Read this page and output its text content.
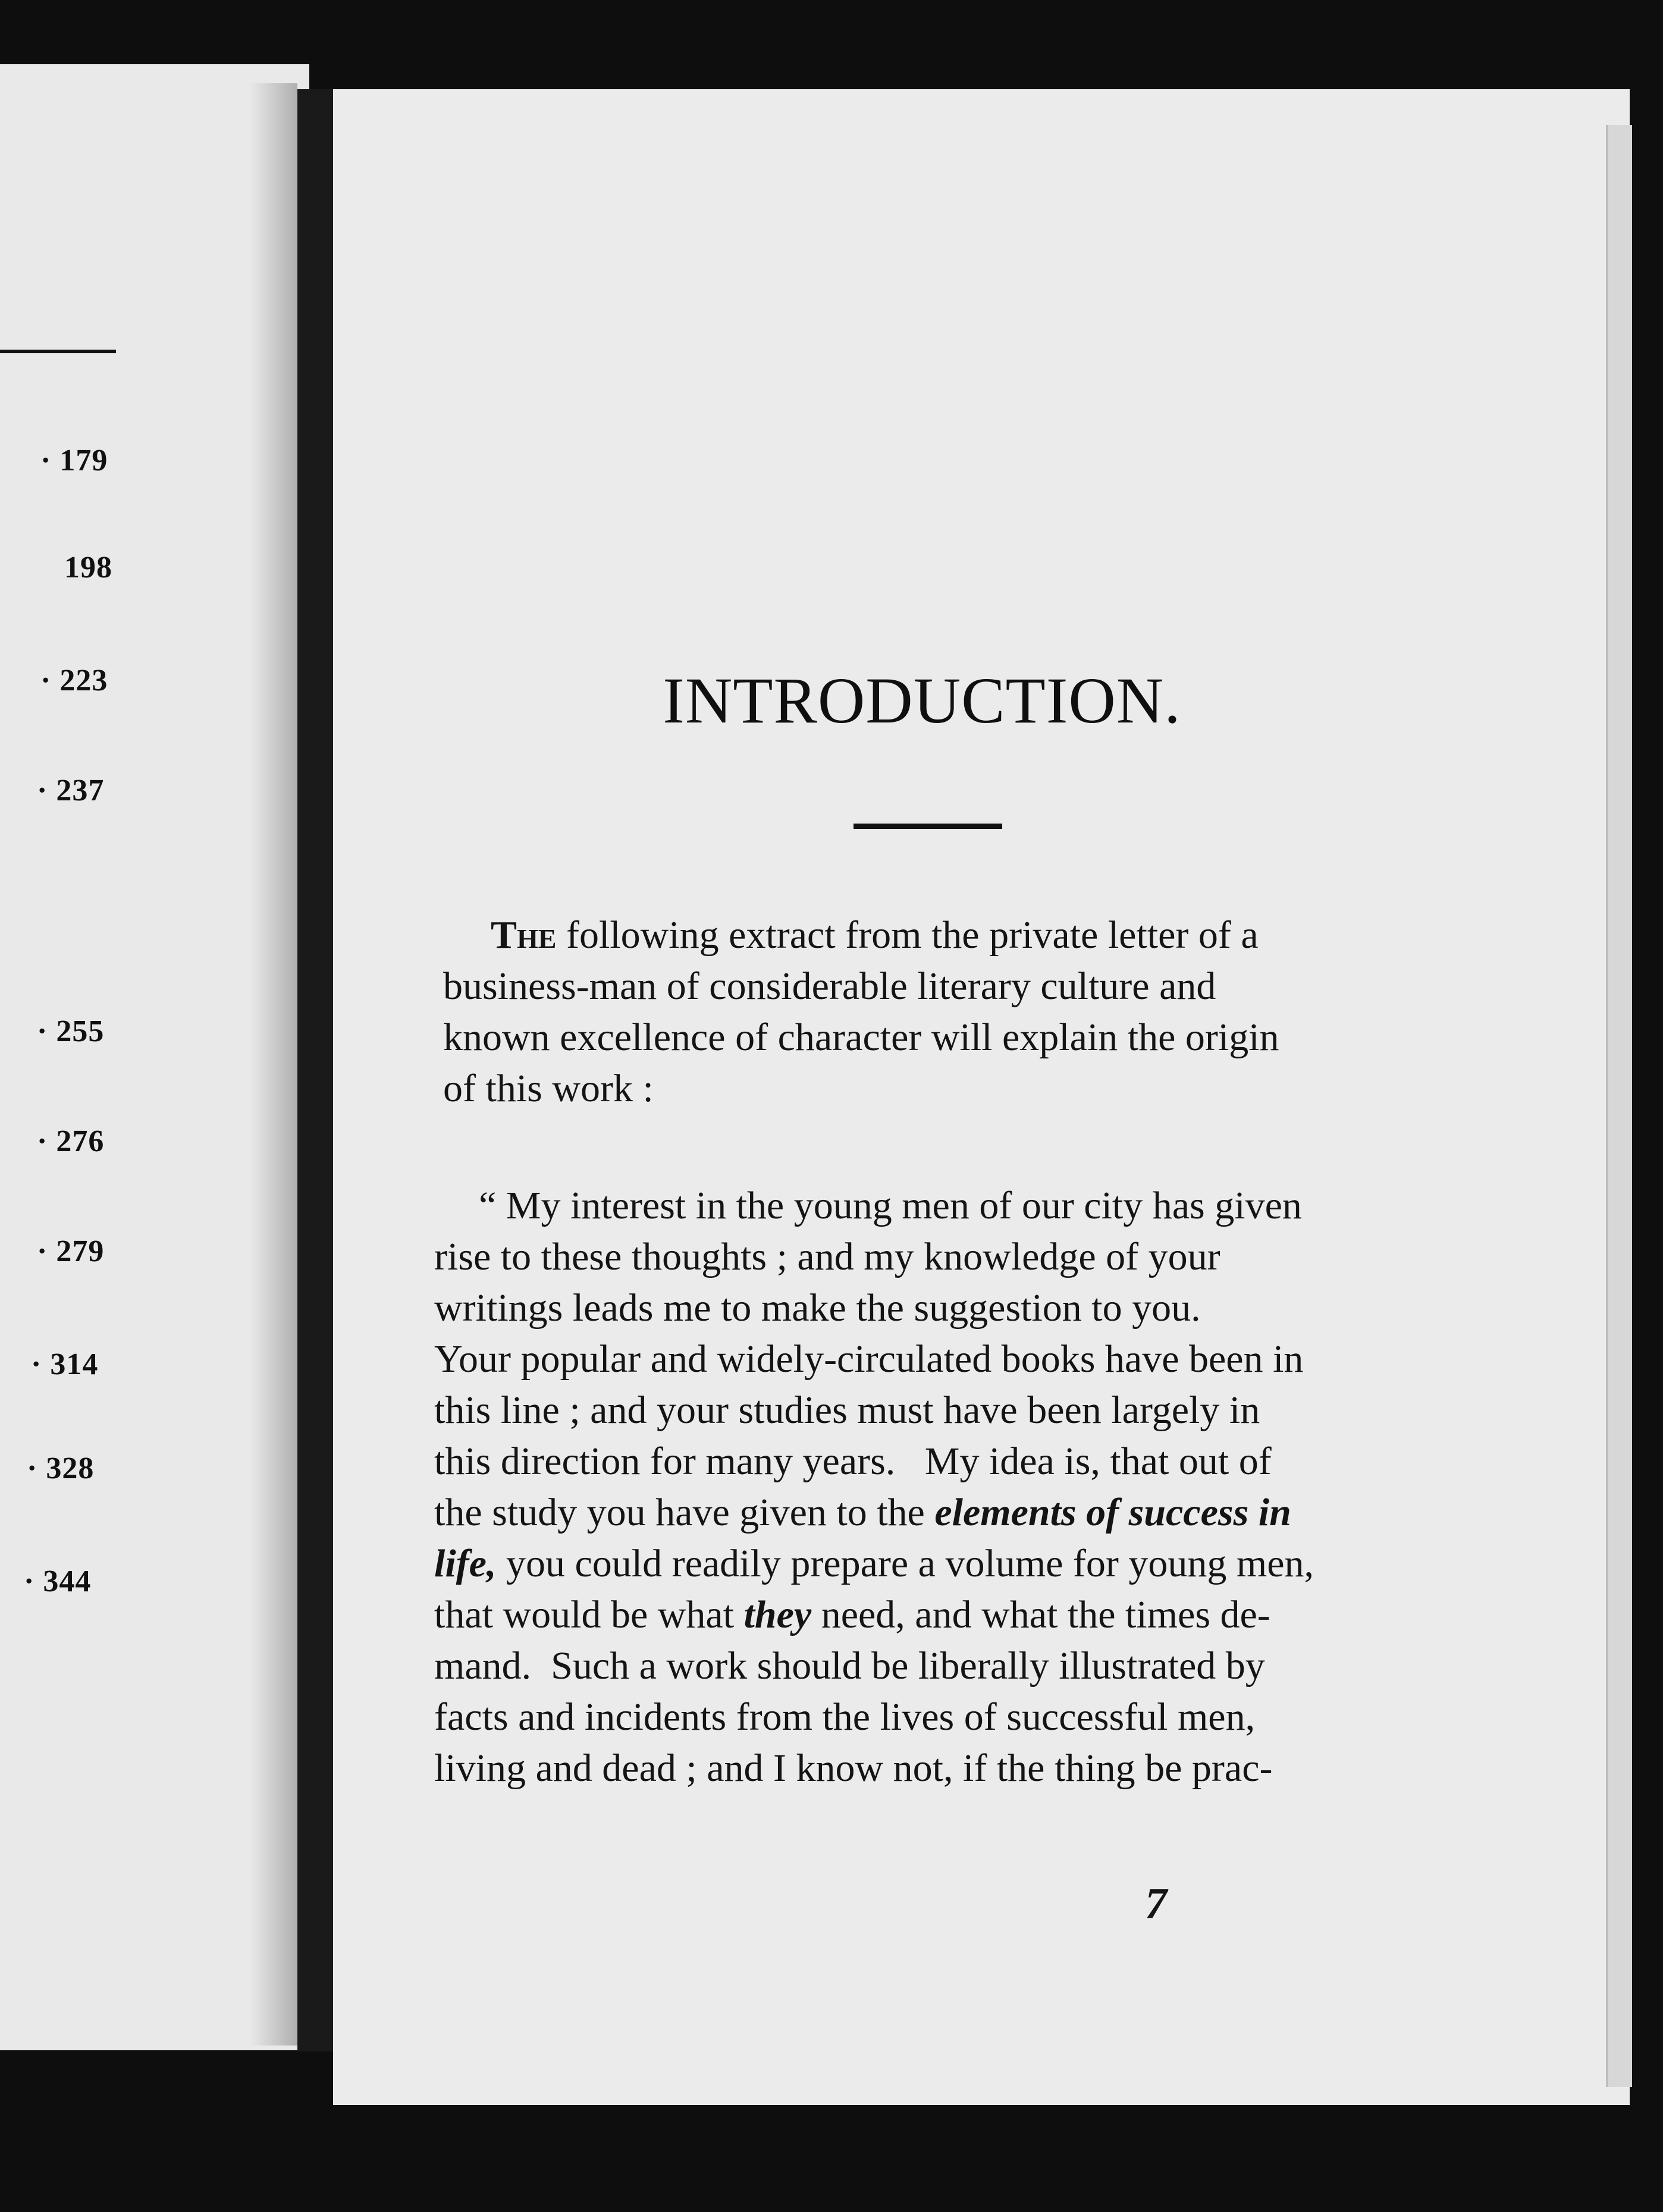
· 179
198
· 223
· 237
· 255
· 276
· 279
· 314
· 328
· 344
INTRODUCTION.
The following extract from the private letter of a
business-man of considerable literary culture and
known excellence of character will explain the origin
of this work :
“ My interest in the young men of our city has given
rise to these thoughts ; and my knowledge of your
writings leads me to make the suggestion to you.
Your popular and widely-circulated books have been in
this line ; and your studies must have been largely in
this direction for many years.   My idea is, that out of
the study you have given to the elements of success in
life, you could readily prepare a volume for young men,
that would be what they need, and what the times de-
mand.  Such a work should be liberally illustrated by
facts and incidents from the lives of successful men,
living and dead ; and I know not, if the thing be prac-
7
